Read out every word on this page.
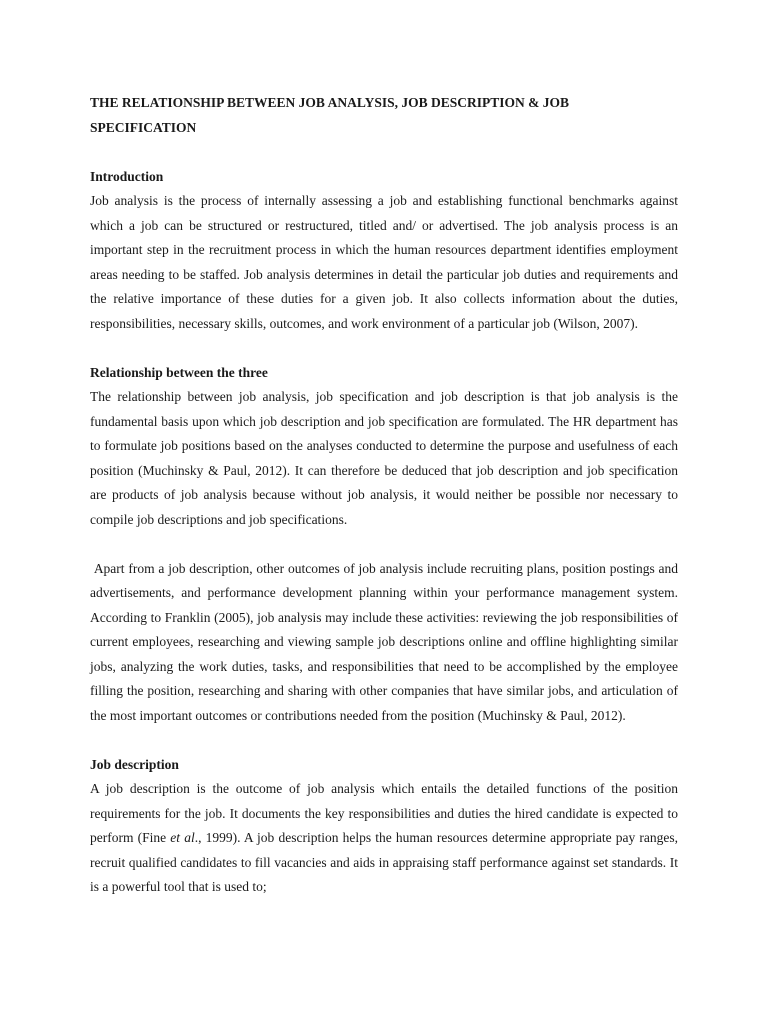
THE RELATIONSHIP BETWEEN JOB ANALYSIS, JOB DESCRIPTION & JOB SPECIFICATION
Introduction

Job analysis is the process of internally assessing a job and establishing functional benchmarks against which a job can be structured or restructured, titled and/ or advertised. The job analysis process is an important step in the recruitment process in which the human resources department identifies employment areas needing to be staffed. Job analysis determines in detail the particular job duties and requirements and the relative importance of these duties for a given job. It also collects information about the duties, responsibilities, necessary skills, outcomes, and work environment of a particular job (Wilson, 2007).

Relationship between the three

The relationship between job analysis, job specification and job description is that job analysis is the fundamental basis upon which job description and job specification are formulated. The HR department has to formulate job positions based on the analyses conducted to determine the purpose and usefulness of each position (Muchinsky & Paul, 2012). It can therefore be deduced that job description and job specification are products of job analysis because without job analysis, it would neither be possible nor necessary to compile job descriptions and job specifications.

Apart from a job description, other outcomes of job analysis include recruiting plans, position postings and advertisements, and performance development planning within your performance management system. According to Franklin (2005), job analysis may include these activities: reviewing the job responsibilities of current employees, researching and viewing sample job descriptions online and offline highlighting similar jobs, analyzing the work duties, tasks, and responsibilities that need to be accomplished by the employee filling the position, researching and sharing with other companies that have similar jobs, and articulation of the most important outcomes or contributions needed from the position (Muchinsky & Paul, 2012).

Job description

A job description is the outcome of job analysis which entails the detailed functions of the position requirements for the job. It documents the key responsibilities and duties the hired candidate is expected to perform (Fine et al., 1999). A job description helps the human resources determine appropriate pay ranges, recruit qualified candidates to fill vacancies and aids in appraising staff performance against set standards. It is a powerful tool that is used to;
